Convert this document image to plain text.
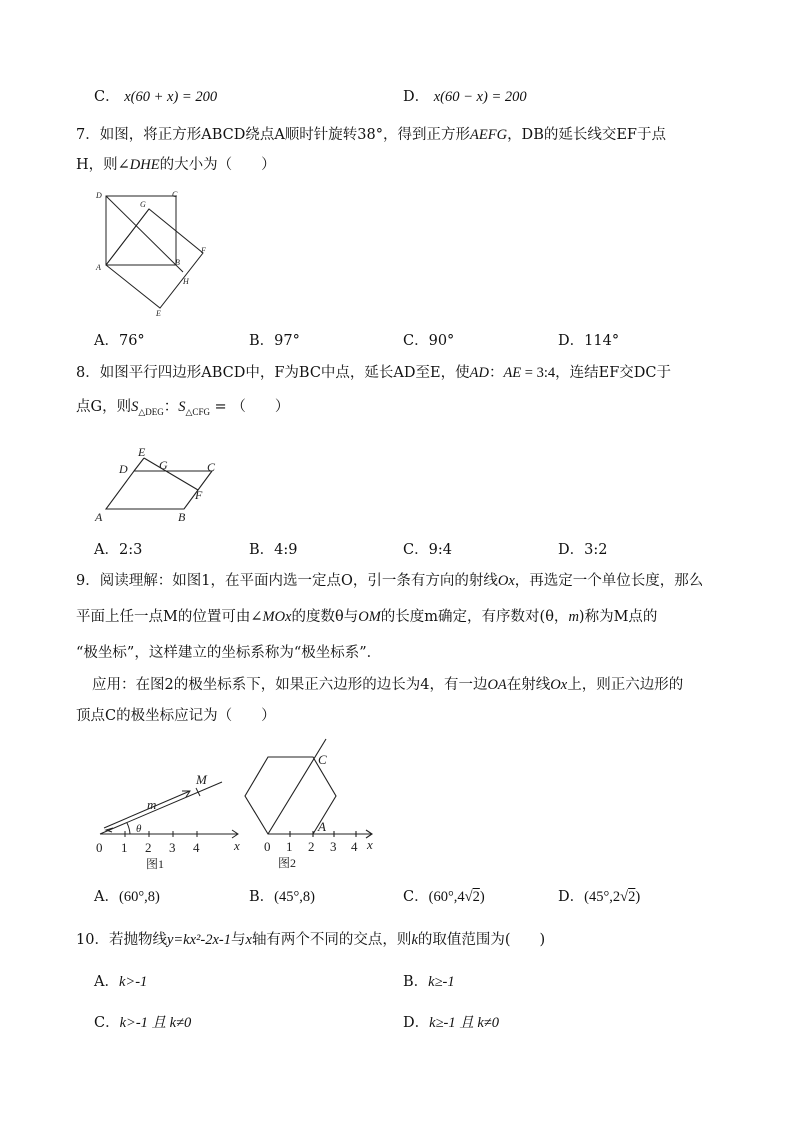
C． x(60 + x) = 200	D． x(60 − x) = 200
7．如图，将正方形ABCD绕点A顺时针旋转38°，得到正方形AEFG，DB的延长线交EF于点
H，则∠DHE的大小为（　　）
D	C
G
F
A
B
H
E
A．76°	B．97°	C．90°	D．114°
8．如图平行四边形ABCD中，F为BC中点，延长AD至E，使AD：AE = 3:4，连结EF交DC于
点G，则$S_{\triangle DEG}$：$S_{\triangle CFG}$ = （　　）
E
D	G	C
F
A	B
A．2:3	B．4:9	C．9:4	D．3:2
9．阅读理解：如图1，在平面内选一定点O，引一条有方向的射线Ox，再选定一个单位长度，那么
平面上任一点M的位置可由∠MOx的度数θ与OM的长度m确定，有序数对(θ，m)称为M点的
“极坐标”，这样建立的坐标系称为“极坐标系”．
应用：在图2的极坐标系下，如果正六边形的边长为4，有一边OA在射线Ox上，则正六边形的
顶点C的极坐标应记为（　　）
M
m
θ
x
0 1 2 3 4
图1
C
A
x
0 1 2 3 4
图2
A．(60°,8)	B．(45°,8)	C．(60°,4√2)	D．(45°,2√2)
10．若抛物线y=kx²-2x-1与x轴有两个不同的交点，则k的取值范围为(　　)
A．k>-1	B．k≥-1
C．k>-1 且 k≠0	D．k≥-1 且 k≠0
